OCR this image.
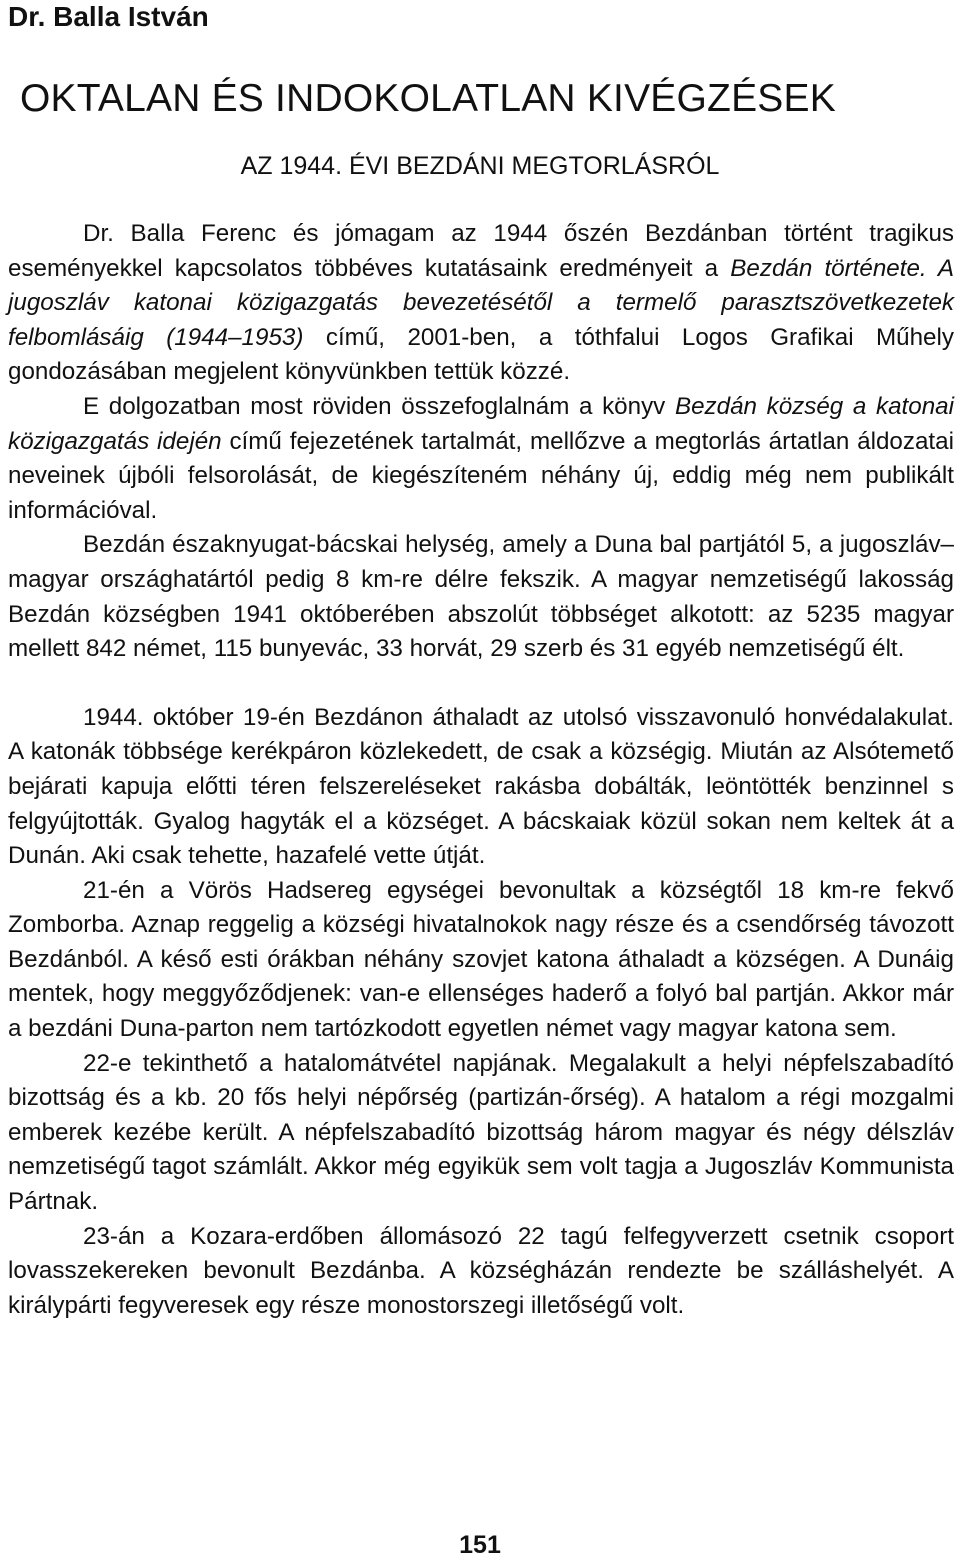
Dr. Balla István
OKTALAN ÉS INDOKOLATLAN KIVÉGZÉSEK
AZ 1944. ÉVI BEZDÁNI MEGTORLÁSRÓL

Dr. Balla Ferenc és jómagam az 1944 őszén Bezdánban történt tragikus eseményekkel kapcsolatos többéves kutatásaink eredményeit a Bezdán története. A jugoszláv katonai közigazgatás bevezetésétől a termelő parasztszövetkezetek felbomlásáig (1944–1953) című, 2001-ben, a tóthfalui Logos Grafikai Műhely gondozásában megjelent könyvünkben tettük közzé.

E dolgozatban most röviden összefoglalnám a könyv Bezdán község a katonai közigazgatás idején című fejezetének tartalmát, mellőzve a megtorlás ártatlan áldozatai neveinek újbóli felsorolását, de kiegészíteném néhány új, eddig még nem publikált információval.

Bezdán északnyugat-bácskai helység, amely a Duna bal partjától 5, a jugoszláv–magyar országhatártól pedig 8 km-re délre fekszik. A magyar nemzetiségű lakosság Bezdán községben 1941 októberében abszolút többséget alkotott: az 5235 magyar mellett 842 német, 115 bunyevác, 33 horvát, 29 szerb és 31 egyéb nemzetiségű élt.

1944. október 19-én Bezdánon áthaladt az utolsó visszavonuló honvédalakulat. A katonák többsége kerékpáron közlekedett, de csak a községig. Miután az Alsótemető bejárati kapuja előtti téren felszereléseket rakásba dobálták, leöntötték benzinnel s felgyújtották. Gyalog hagyták el a községet. A bácskaiak közül sokan nem keltek át a Dunán. Aki csak tehette, hazafelé vette útját.

21-én a Vörös Hadsereg egységei bevonultak a községtől 18 km-re fekvő Zomborba. Aznap reggelig a községi hivatalnokok nagy része és a csendőrség távozott Bezdánból. A késő esti órákban néhány szovjet katona áthaladt a községen. A Dunáig mentek, hogy meggyőződjenek: van-e ellenséges haderő a folyó bal partján. Akkor már a bezdáni Duna-parton nem tartózkodott egyetlen német vagy magyar katona sem.

22-e tekinthető a hatalomátvétel napjának. Megalakult a helyi népfelszabadító bizottság és a kb. 20 fős helyi népőrség (partizán-őrség). A hatalom a régi mozgalmi emberek kezébe került. A népfelszabadító bizottság három magyar és négy délszláv nemzetiségű tagot számlált. Akkor még egyikük sem volt tagja a Jugoszláv Kommunista Pártnak.

23-án a Kozara-erdőben állomásozó 22 tagú felfegyverzett csetnik csoport lovasszekereken bevonult Bezdánba. A községházán rendezte be szálláshelyét. A királypárti fegyveresek egy része monostorszegi illetőségű volt.

151
